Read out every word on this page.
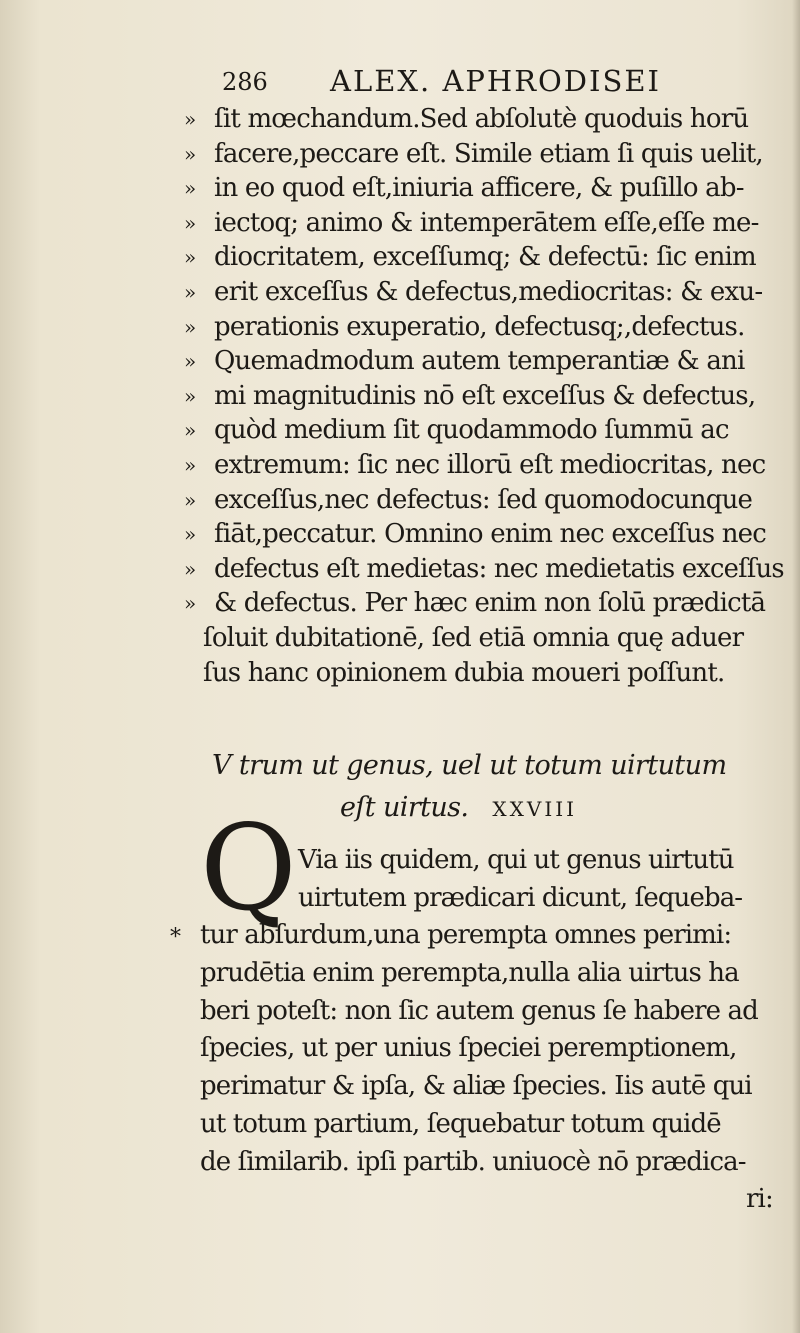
286 ALEX. APHRODISEI
» ſit mœchandum.Sed abſolutè quoduis horū
» facere,peccare eſt. Simile etiam ſi quis uelit,
» in eo quod eſt,iniuria afficere, & puſillo ab-
» iectoq; animo & intemperātem eſſe,eſſe me-
» diocritatem, exceſſumq; & defectū: ſic enim
» erit exceſſus & defectus,mediocritas: & exu-
» perationis exuperatio, defectusq;,defectus.
» Quemadmodum autem temperantiæ & ani
» mi magnitudinis nō eſt exceſſus & defectus,
» quòd medium ſit quodammodo ſummū ac
» extremum: ſic nec illorū eſt mediocritas, nec
» exceſſus,nec defectus: ſed quomodocunque
» fiāt,peccatur. Omnino enim nec exceſſus nec
» defectus eſt medietas: nec medietatis exceſſus
» & defectus. Per hæc enim non ſolū prædictā
ſoluit dubitationē, ſed etiā omnia quę aduer
ſus hanc opinionem dubia moueri poſſunt.
V trum ut genus, uel ut totum uirtutum
eſt uirtus. XXVIII
Q
*
Via iis quidem, qui ut genus uirtutū
uirtutem prædicari dicunt, ſequeba-
tur abſurdum,una perempta omnes perimi:
prudētia enim perempta,nulla alia uirtus ha
beri poteſt: non ſic autem genus ſe habere ad
ſpecies, ut per unius ſpeciei peremptionem,
perimatur & ipſa, & aliæ ſpecies. Iis autē qui
ut totum partium, ſequebatur totum quidē
de ſimilarib. ipſi partib. uniuocè nō prædica-
ri:
